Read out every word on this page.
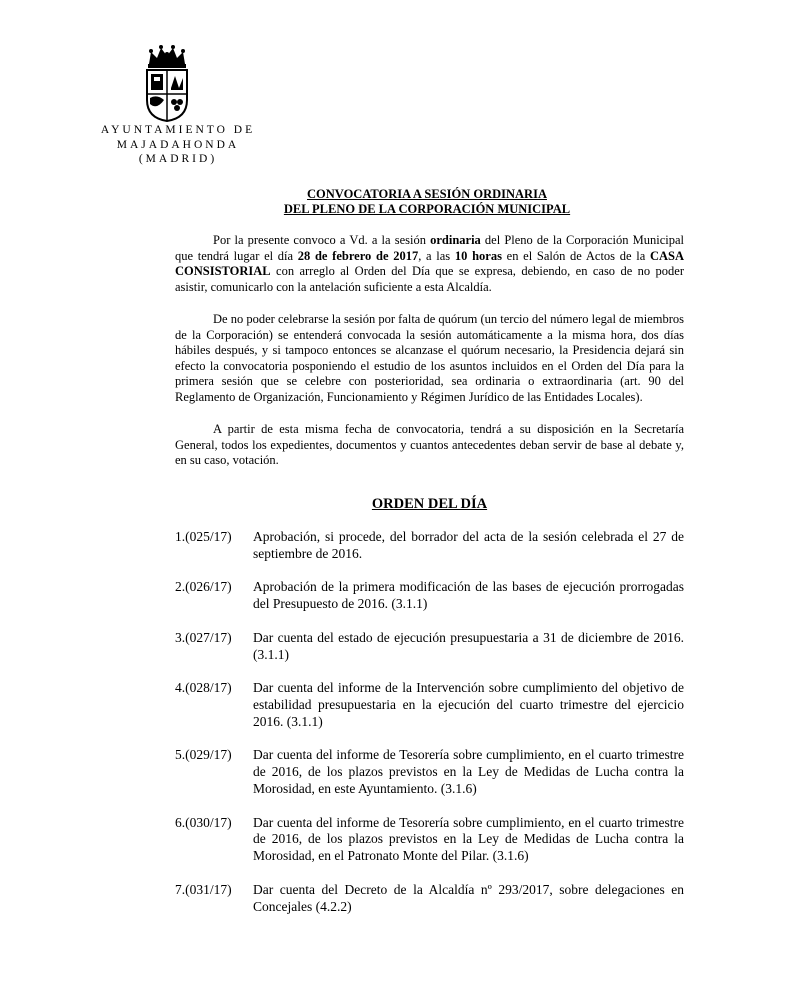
AYUNTAMIENTO DE
MAJADAHONDA
(MADRID)
CONVOCATORIA A SESIÓN ORDINARIA
DEL PLENO DE LA CORPORACIÓN MUNICIPAL

Por la presente convoco a Vd. a la sesión ordinaria del Pleno de la Corporación Municipal que tendrá lugar el día 28 de febrero de 2017, a las 10 horas en el Salón de Actos de la CASA CONSISTORIAL con arreglo al Orden del Día que se expresa, debiendo, en caso de no poder asistir, comunicarlo con la antelación suficiente a esta Alcaldía.

De no poder celebrarse la sesión por falta de quórum (un tercio del número legal de miembros de la Corporación) se entenderá convocada la sesión automáticamente a la misma hora, dos días hábiles después, y si tampoco entonces se alcanzase el quórum necesario, la Presidencia dejará sin efecto la convocatoria posponiendo el estudio de los asuntos incluidos en el Orden del Día para la primera sesión que se celebre con posterioridad, sea ordinaria o extraordinaria (art. 90 del Reglamento de Organización, Funcionamiento y Régimen Jurídico de las Entidades Locales).

A partir de esta misma fecha de convocatoria, tendrá a su disposición en la Secretaría General, todos los expedientes, documentos y cuantos antecedentes deban servir de base al debate y, en su caso, votación.

ORDEN DEL DÍA
1.(025/17)	Aprobación, si procede, del borrador del acta de la sesión celebrada el 27 de septiembre de 2016.
2.(026/17)	Aprobación de la primera modificación de las bases de ejecución prorrogadas del Presupuesto de 2016. (3.1.1)
3.(027/17)	Dar cuenta del estado de ejecución presupuestaria a 31 de diciembre de 2016. (3.1.1)
4.(028/17)	Dar cuenta del informe de la Intervención sobre cumplimiento del objetivo de estabilidad presupuestaria en la ejecución del cuarto trimestre del ejercicio 2016. (3.1.1)
5.(029/17)	Dar cuenta del informe de Tesorería sobre cumplimiento, en el cuarto trimestre de 2016, de los plazos previstos en la Ley de Medidas de Lucha contra la Morosidad, en este Ayuntamiento. (3.1.6)
6.(030/17)	Dar cuenta del informe de Tesorería sobre cumplimiento, en el cuarto trimestre de 2016, de los plazos previstos en la Ley de Medidas de Lucha contra la Morosidad, en el Patronato Monte del Pilar. (3.1.6)
7.(031/17)	Dar cuenta del Decreto de la Alcaldía nº 293/2017, sobre delegaciones en Concejales (4.2.2)
